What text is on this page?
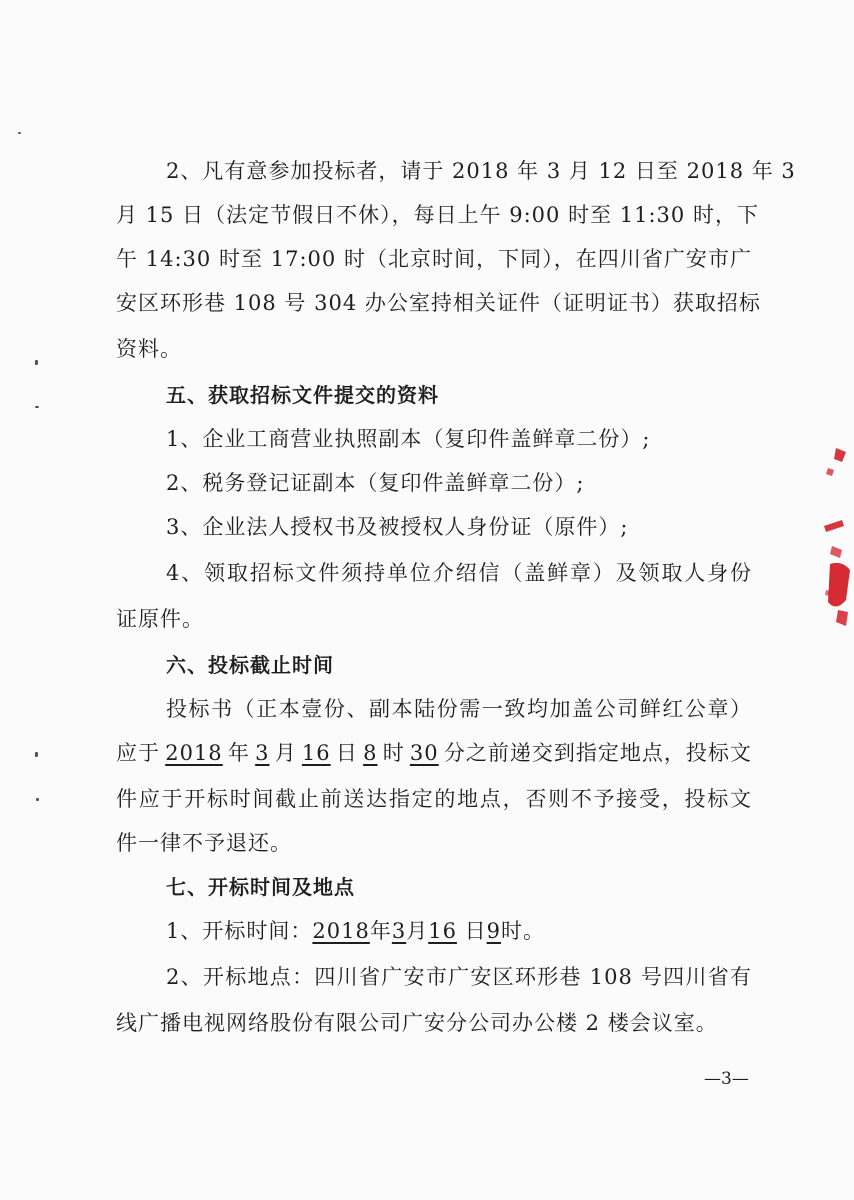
2、凡有意参加投标者，请于 2018 年 3 月 12 日至 2018 年 3
月 15 日（法定节假日不休），每日上午 9:00 时至 11:30 时，下
午 14:30 时至 17:00 时（北京时间，下同），在四川省广安市广
安区环形巷 108 号 304 办公室持相关证件（证明证书）获取招标
资料。
五、获取招标文件提交的资料
1、企业工商营业执照副本（复印件盖鲜章二份）;
2、税务登记证副本（复印件盖鲜章二份）;
3、企业法人授权书及被授权人身份证（原件）;
4、领取招标文件须持单位介绍信（盖鲜章）及领取人身份
证原件。
六、投标截止时间
投标书（正本壹份、副本陆份需一致均加盖公司鲜红公章）
应于 2018 年 3 月 16 日 8 时 30 分之前递交到指定地点，投标文
件应于开标时间截止前送达指定的地点，否则不予接受，投标文
件一律不予退还。
七、开标时间及地点
1、开标时间：2018年3月16 日9时。
2、开标地点：四川省广安市广安区环形巷 108 号四川省有
线广播电视网络股份有限公司广安分公司办公楼 2 楼会议室。
—3—
